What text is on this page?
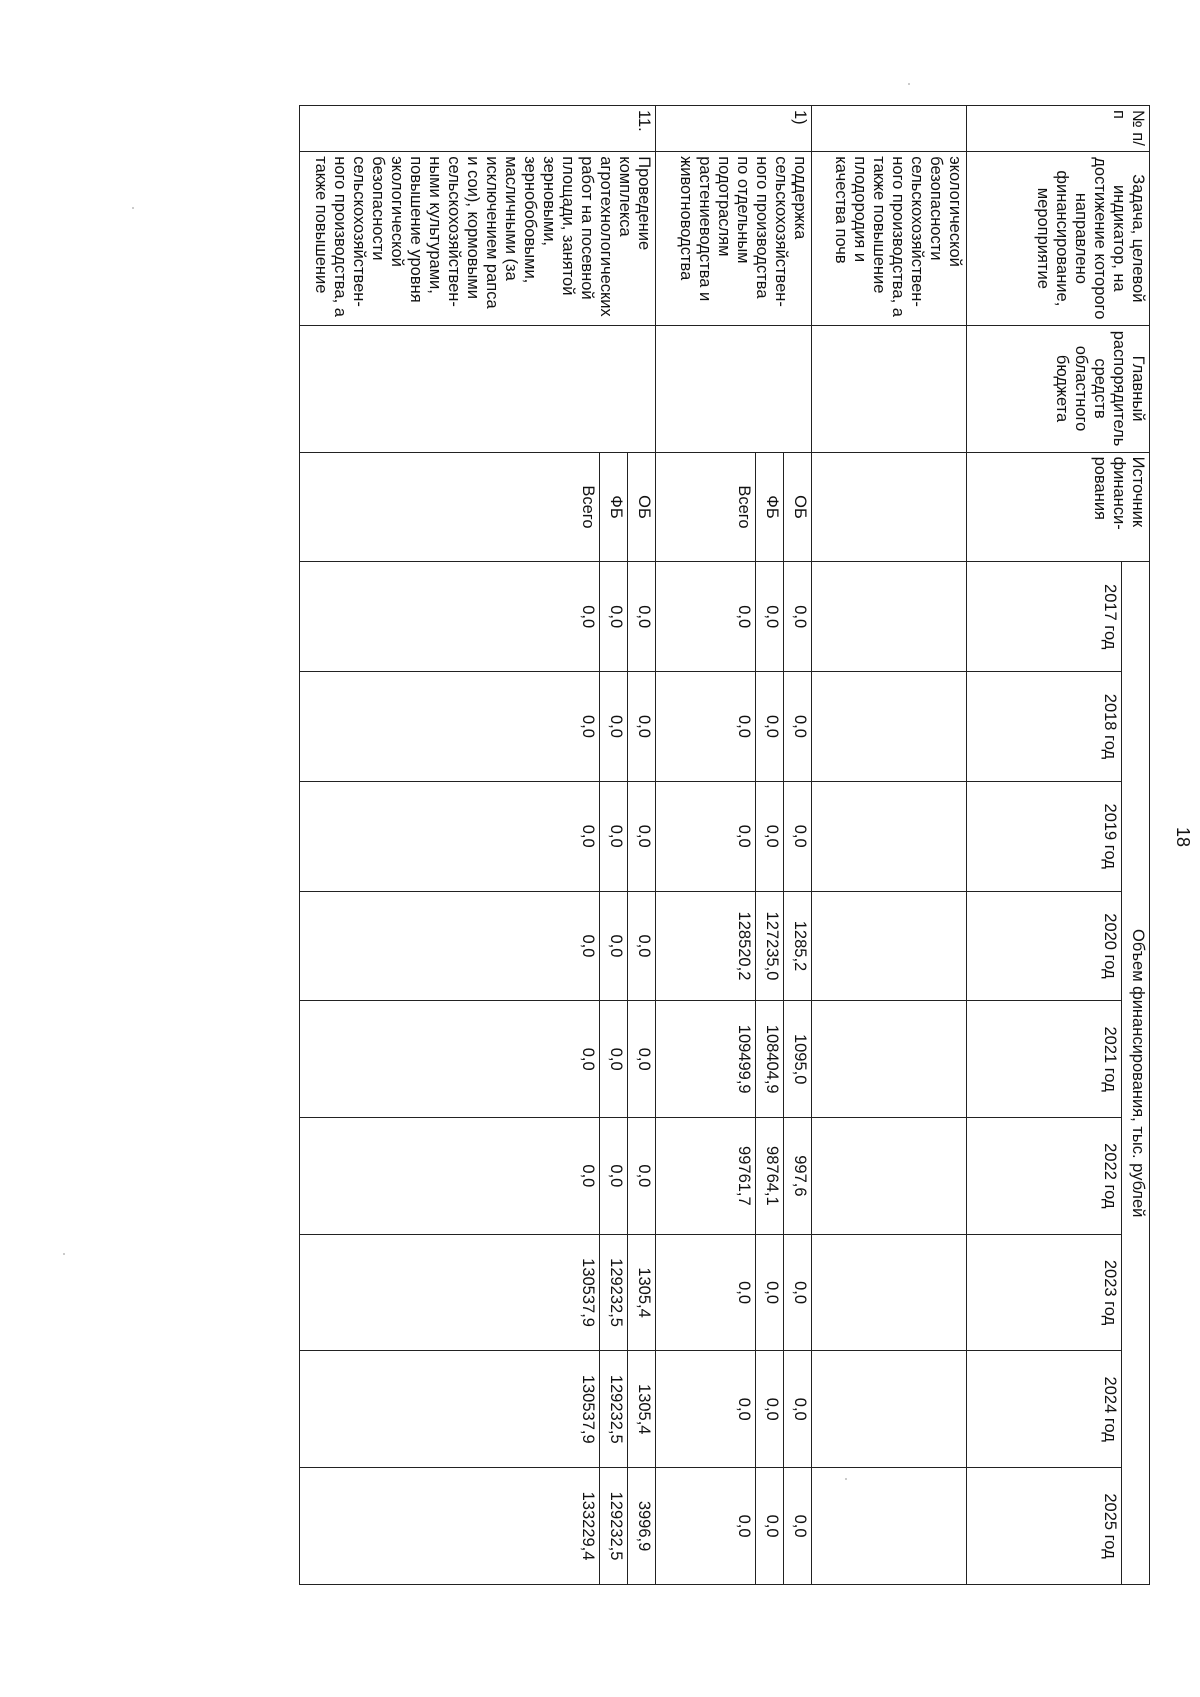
18
№ п/п	Задача, целевой индикатор, на достижение которого направлено финансирование, мероприятие	Главный распорядитель средств областного бюджета	Источник финанси-рования	Объем финансирования, тыс. рублей								
				2017 год	2018 год	2019 год	2020 год	2021 год	2022 год	2023 год	2024 год	2025 год
	экологической безопасности сельскохозяйствен-ного производства, а также повышение плодородия и качества почв											
1)	поддержка сельскохозяйствен-ного производства по отдельным подотраслям растениеводства и животноводства		ОБ	0,0	0,0	0,0	1285,2	1095,0	997,6	0,0	0,0	0,0
			ФБ	0,0	0,0	0,0	127235,0	108404,9	98764,1	0,0	0,0	0,0
			Всего	0,0	0,0	0,0	128520,2	109499,9	99761,7	0,0	0,0	0,0
11.	Проведение комплекса агротехнологических работ на посевной площади, занятой зерновыми, зернобобовыми, масличными (за исключением рапса и сои), кормовыми сельскохозяйствен-ными культурами, повышение уровня экологической безопасности сельскохозяйствен-ного производства, а также повышение		ОБ	0,0	0,0	0,0	0,0	0,0	0,0	1305,4	1305,4	3996,9
			ФБ	0,0	0,0	0,0	0,0	0,0	0,0	129232,5	129232,5	129232,5
			Всего	0,0	0,0	0,0	0,0	0,0	0,0	130537,9	130537,9	133229,4
